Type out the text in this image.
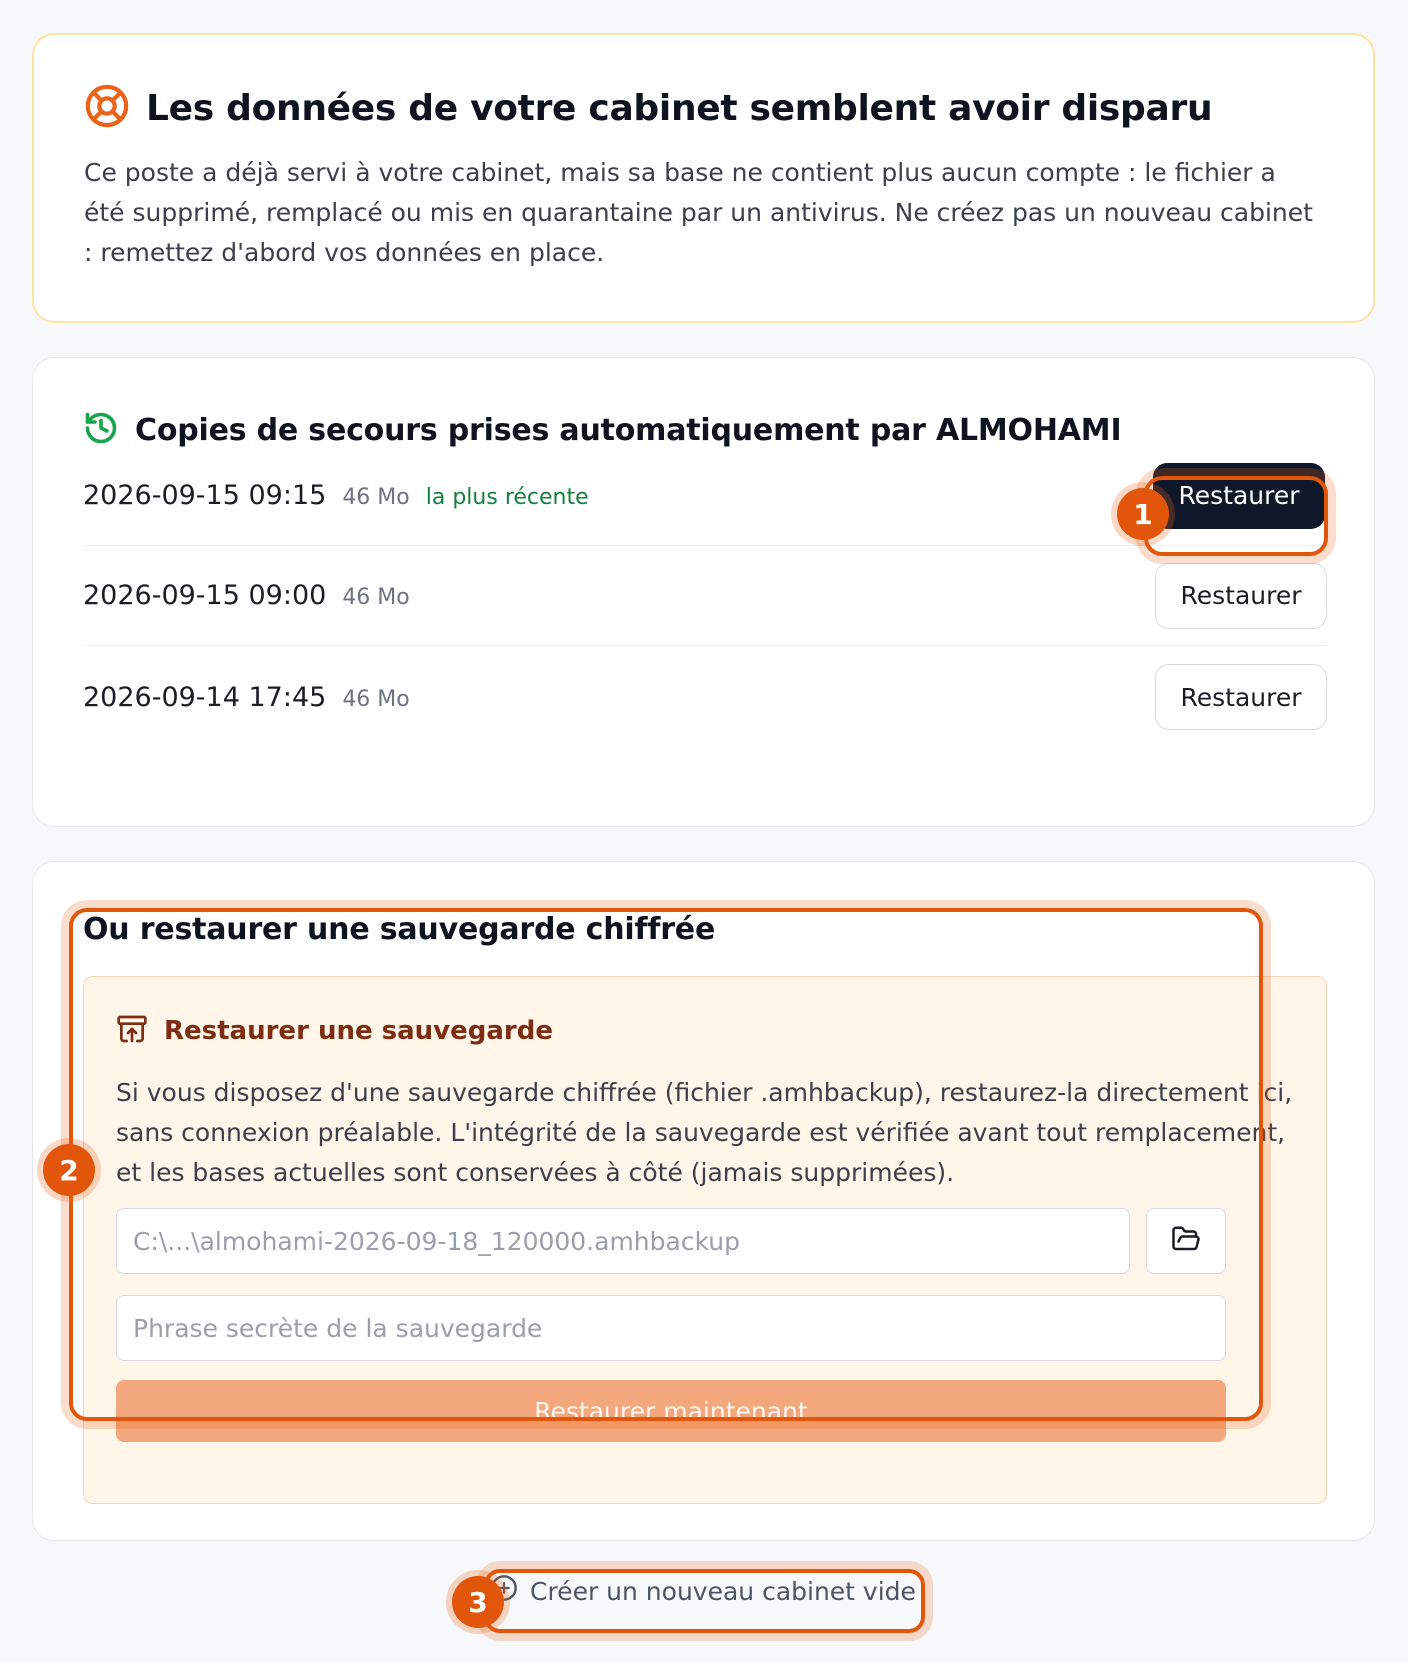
Les données de votre cabinet semblent avoir disparu

Ce poste a déjà servi à votre cabinet, mais sa base ne contient plus aucun compte : le fichier a été supprimé, remplacé ou mis en quarantaine par un antivirus. Ne créez pas un nouveau cabinet : remettez d'abord vos données en place.

Copies de secours prises automatiquement par ALMOHAMI
2026-09-15 09:15 46 Mo la plus récente	Restaurer
2026-09-15 09:00 46 Mo	Restaurer
2026-09-14 17:45 46 Mo	Restaurer
1
Ou restaurer une sauvegarde chiffrée
Restaurer une sauvegarde

Si vous disposez d'une sauvegarde chiffrée (fichier .amhbackup), restaurez-la directement ici, sans connexion préalable. L'intégrité de la sauvegarde est vérifiée avant tout remplacement, et les bases actuelles sont conservées à côté (jamais supprimées).

C:\...\almohami-2026-09-18_120000.amhbackup
Phrase secrète de la sauvegarde
Restaurer maintenant
2
Créer un nouveau cabinet vide
3
